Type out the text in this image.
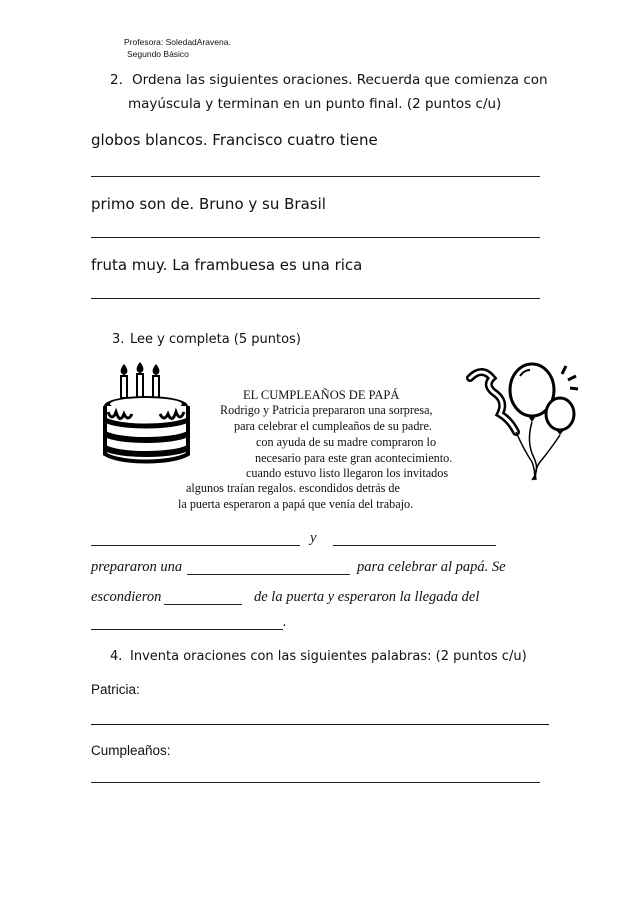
Profesora: SoledadAravena.
Segundo Básico
2. Ordena las siguientes oraciones. Recuerda que comienza con
mayúscula y terminan en un punto final. (2 puntos c/u)
globos blancos. Francisco cuatro tiene
primo son de. Bruno y su Brasil
fruta muy. La frambuesa es una rica
3. Lee y completa (5 puntos)
EL CUMPLEAÑOS DE PAPÁ
Rodrigo y Patricia prepararon una sorpresa,
para celebrar el cumpleaños de su padre.
con ayuda de su madre compraron lo
necesario para este gran acontecimiento.
cuando estuvo listo llegaron los invitados
algunos traían regalos. escondidos detrás de
la puerta esperaron a papá que venía del trabajo.
y
prepararon una	para celebrar al papá. Se
escondieron	de la puerta y esperaron la llegada del
.
4. Inventa oraciones con las siguientes palabras: (2 puntos c/u)
Patricia:
Cumpleaños:
